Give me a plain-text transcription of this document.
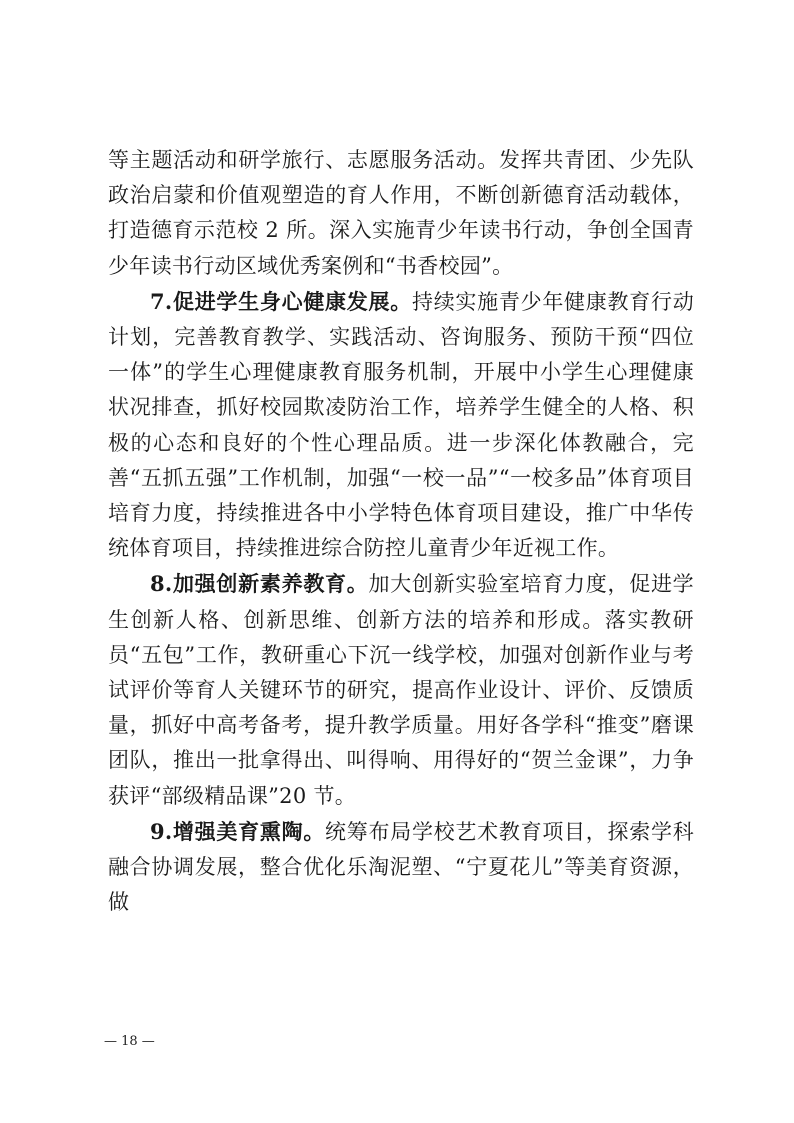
等主题活动和研学旅行、志愿服务活动。发挥共青团、少先队政治启蒙和价值观塑造的育人作用，不断创新德育活动载体，打造德育示范校 2 所。深入实施青少年读书行动，争创全国青少年读书行动区域优秀案例和“书香校园”。

7.促进学生身心健康发展。持续实施青少年健康教育行动计划，完善教育教学、实践活动、咨询服务、预防干预“四位一体”的学生心理健康教育服务机制，开展中小学生心理健康状况排查，抓好校园欺凌防治工作，培养学生健全的人格、积极的心态和良好的个性心理品质。进一步深化体教融合，完善“五抓五强”工作机制，加强“一校一品”“一校多品”体育项目培育力度，持续推进各中小学特色体育项目建设，推广中华传统体育项目，持续推进综合防控儿童青少年近视工作。

8.加强创新素养教育。加大创新实验室培育力度，促进学生创新人格、创新思维、创新方法的培养和形成。落实教研员“五包”工作，教研重心下沉一线学校，加强对创新作业与考试评价等育人关键环节的研究，提高作业设计、评价、反馈质量，抓好中高考备考，提升教学质量。用好各学科“推变”磨课团队，推出一批拿得出、叫得响、用得好的“贺兰金课”，力争获评“部级精品课”20 节。

9.增强美育熏陶。统筹布局学校艺术教育项目，探索学科融合协调发展，整合优化乐淘泥塑、“宁夏花儿”等美育资源，做

— 18 —
